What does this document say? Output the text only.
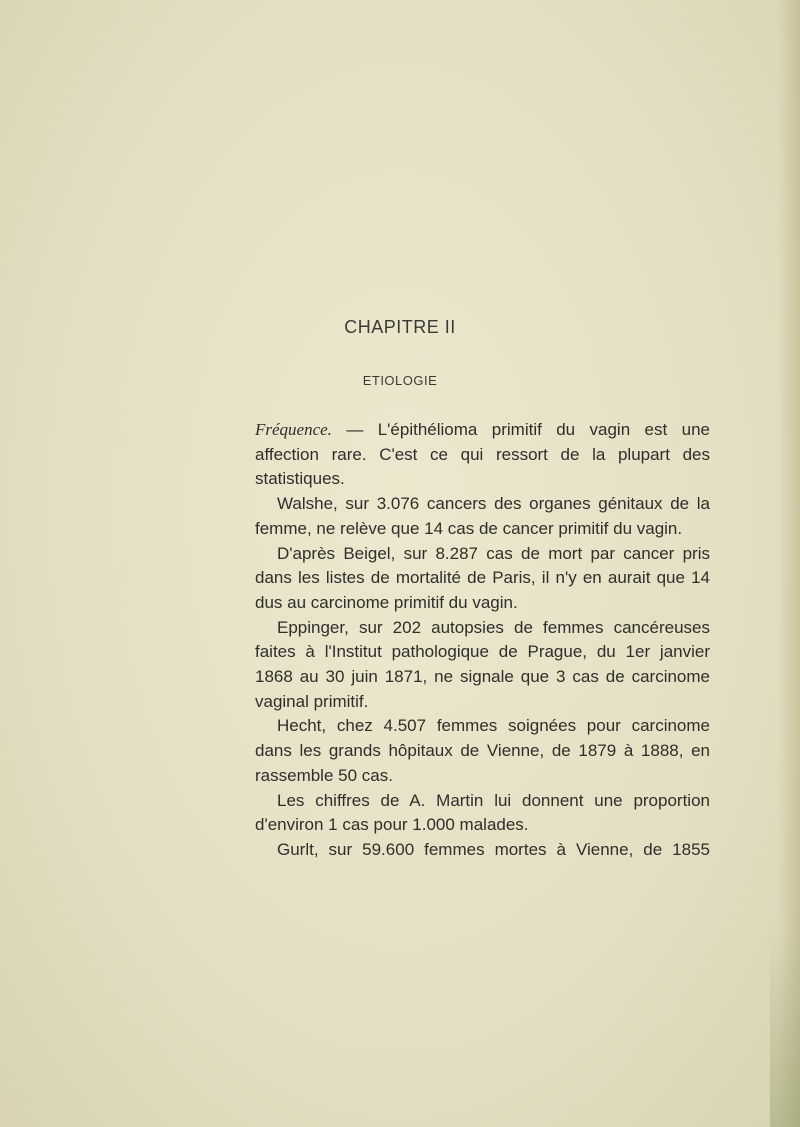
CHAPITRE II
ETIOLOGIE

Fréquence. — L'épithélioma primitif du vagin est une affection rare. C'est ce qui ressort de la plupart des statistiques.

Walshe, sur 3.076 cancers des organes génitaux de la femme, ne relève que 14 cas de cancer primitif du vagin.

D'après Beigel, sur 8.287 cas de mort par cancer pris dans les listes de mortalité de Paris, il n'y en aurait que 14 dus au carcinome primitif du vagin.

Eppinger, sur 202 autopsies de femmes cancéreuses faites à l'Institut pathologique de Prague, du 1er janvier 1868 au 30 juin 1871, ne signale que 3 cas de carcinome vaginal primitif.

Hecht, chez 4.507 femmes soignées pour carcinome dans les grands hôpitaux de Vienne, de 1879 à 1888, en rassemble 50 cas.

Les chiffres de A. Martin lui donnent une proportion d'environ 1 cas pour 1.000 malades.

Gurlt, sur 59.600 femmes mortes à Vienne, de 1855
